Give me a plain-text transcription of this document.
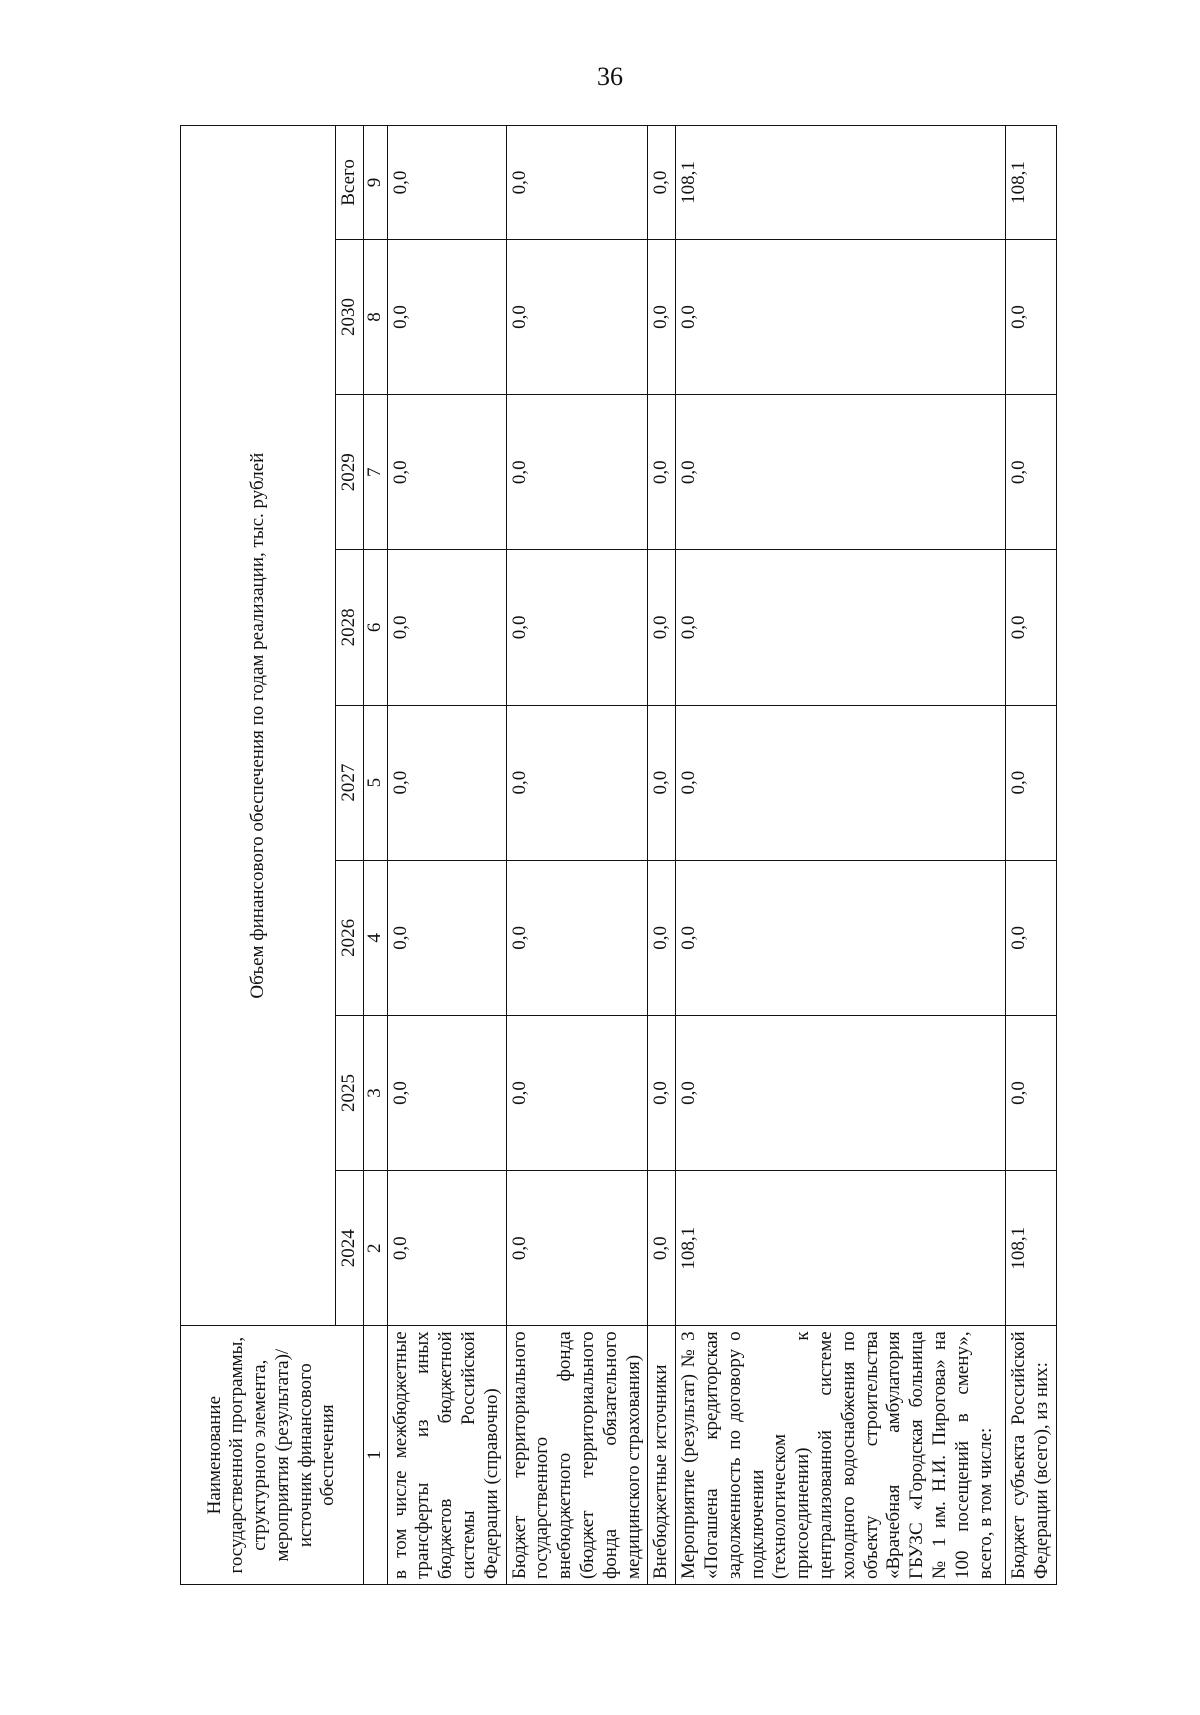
36
Наименование государственной программы, структурного элемента, мероприятия (результата)/источник финансового обеспечения	Объем финансового обеспечения по годам реализации, тыс. рублей							
	2024	2025	2026	2027	2028	2029	2030	Всего
1	2	3	4	5	6	7	8	9
в том числе межбюджетные трансферты из иных бюджетов бюджетной системы Российской Федерации (справочно)	0,0	0,0	0,0	0,0	0,0	0,0	0,0	0,0
Бюджет территориального государственного внебюджетного фонда (бюджет территориального фонда обязательного медицинского страхования)	0,0	0,0	0,0	0,0	0,0	0,0	0,0	0,0
Внебюджетные источники	0,0	0,0	0,0	0,0	0,0	0,0	0,0	0,0
Мероприятие (результат) № 3 «Погашена кредиторская задолженность по договору о подключении (технологическом присоединении) к централизованной системе холодного водоснабжения по объекту строительства «Врачебная амбулатория ГБУЗС «Городская больница № 1 им. Н.И. Пирогова» на 100 посещений в смену», всего, в том числе:	108,1	0,0	0,0	0,0	0,0	0,0	0,0	108,1
Бюджет субъекта Российской Федерации (всего), из них:	108,1	0,0	0,0	0,0	0,0	0,0	0,0	108,1
